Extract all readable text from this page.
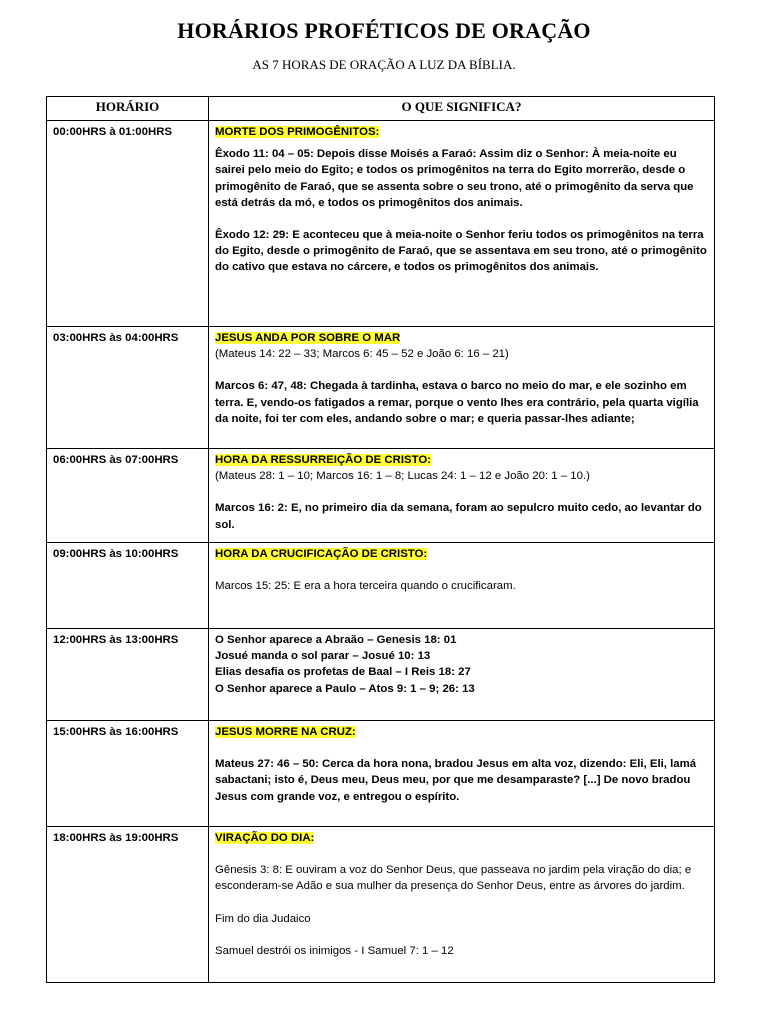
HORÁRIOS PROFÉTICOS DE ORAÇÃO

AS 7 HORAS DE ORAÇÃO A LUZ DA BÍBLIA.

HORÁRIO	O QUE SIGNIFICA?
00:00HRS à 01:00HRS	MORTE DOS PRIMOGÊNITOS:

Êxodo 11: 04 – 05: Depois disse Moisés a Faraó: Assim diz o Senhor: À meia-noite eu sairei pelo meio do Egito; e todos os primogênitos na terra do Egito morrerão, desde o primogênito de Faraó, que se assenta sobre o seu trono, até o primogênito da serva que está detrás da mó, e todos os primogênitos dos animais.

Êxodo 12: 29: E aconteceu que à meia-noite o Senhor feriu todos os primogênitos na terra do Egito, desde o primogênito de Faraó, que se assentava em seu trono, até o primogênito do cativo que estava no cárcere, e todos os primogênitos dos animais.

03:00HRS às 04:00HRS	JESUS ANDA POR SOBRE O MAR

(Mateus 14: 22 – 33; Marcos 6: 45 – 52 e João 6: 16 – 21)

Marcos 6: 47, 48: Chegada à tardinha, estava o barco no meio do mar, e ele sozinho em terra. E, vendo-os fatigados a remar, porque o vento lhes era contrário, pela quarta vigília da noite, foi ter com eles, andando sobre o mar; e queria passar-lhes adiante;

06:00HRS às 07:00HRS	HORA DA RESSURREIÇÃO DE CRISTO:

(Mateus 28: 1 – 10; Marcos 16: 1 – 8; Lucas 24: 1 – 12 e João 20: 1 – 10.)

Marcos 16: 2: E, no primeiro dia da semana, foram ao sepulcro muito cedo, ao levantar do sol.

09:00HRS às 10:00HRS	HORA DA CRUCIFICAÇÃO DE CRISTO:

Marcos 15: 25: E era a hora terceira quando o crucificaram.

12:00HRS às 13:00HRS	O Senhor aparece a Abraão – Genesis 18: 01

Josué manda o sol parar – Josué 10: 13

Elias desafia os profetas de Baal – I Reis 18: 27

O Senhor aparece a Paulo – Atos 9: 1 – 9; 26: 13

15:00HRS às 16:00HRS	JESUS MORRE NA CRUZ:

Mateus 27: 46 – 50: Cerca da hora nona, bradou Jesus em alta voz, dizendo: Eli, Eli, lamá sabactani; isto é, Deus meu, Deus meu, por que me desamparaste? [...] De novo bradou Jesus com grande voz, e entregou o espírito.

18:00HRS às 19:00HRS	VIRAÇÃO DO DIA:

Gênesis 3: 8: E ouviram a voz do Senhor Deus, que passeava no jardim pela viração do dia; e esconderam-se Adão e sua mulher da presença do Senhor Deus, entre as árvores do jardim.

Fim do dia Judaico

Samuel destrói os inimigos - I Samuel 7: 1 – 12
